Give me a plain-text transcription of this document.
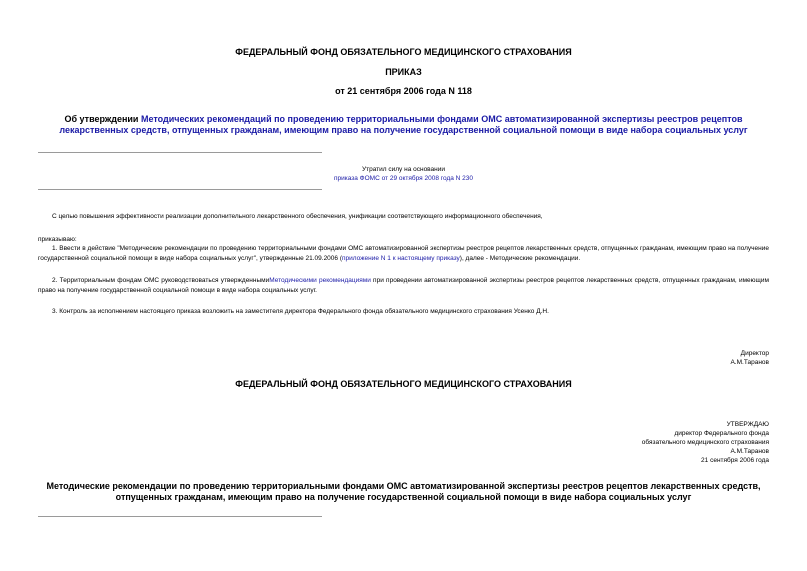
ФЕДЕРАЛЬНЫЙ ФОНД ОБЯЗАТЕЛЬНОГО МЕДИЦИНСКОГО СТРАХОВАНИЯ
ПРИКАЗ
от 21 сентября 2006 года N 118
Об утверждении Методических рекомендаций по проведению территориальными фондами ОМС автоматизированной экспертизы реестров рецептов лекарственных средств, отпущенных гражданам, имеющим право на получение государственной социальной помощи в виде набора социальных услуг
Утратил силу на основании
приказа ФОМС от 29 октября 2008 года N 230
С целью повышения эффективности реализации дополнительного лекарственного обеспечения, унификации соответствующего информационного обеспечения,
приказываю:
1. Ввести в действие "Методические рекомендации по проведению территориальными фондами ОМС автоматизированной экспертизы реестров рецептов лекарственных средств, отпущенных гражданам, имеющим право на получение государственной социальной помощи в виде набора социальных услуг", утвержденные 21.09.2006 (приложение N 1 к настоящему приказу), далее - Методические рекомендации.
2. Территориальным фондам ОМС руководствоваться утвержденнымиМетодическими рекомендациями при проведении автоматизированной экспертизы реестров рецептов лекарственных средств, отпущенных гражданам, имеющим право на получение государственной социальной помощи в виде набора социальных услуг.
3. Контроль за исполнением настоящего приказа возложить на заместителя директора Федерального фонда обязательного медицинского страхования Усенко Д.Н.
Директор
А.М.Таранов
ФЕДЕРАЛЬНЫЙ ФОНД ОБЯЗАТЕЛЬНОГО МЕДИЦИНСКОГО СТРАХОВАНИЯ
УТВЕРЖДАЮ
директор Федерального фонда
обязательного медицинского страхования
А.М.Таранов
21 сентября 2006 года
Методические рекомендации по проведению территориальными фондами ОМС автоматизированной экспертизы реестров рецептов лекарственных средств, отпущенных гражданам, имеющим право на получение государственной социальной помощи в виде набора социальных услуг
